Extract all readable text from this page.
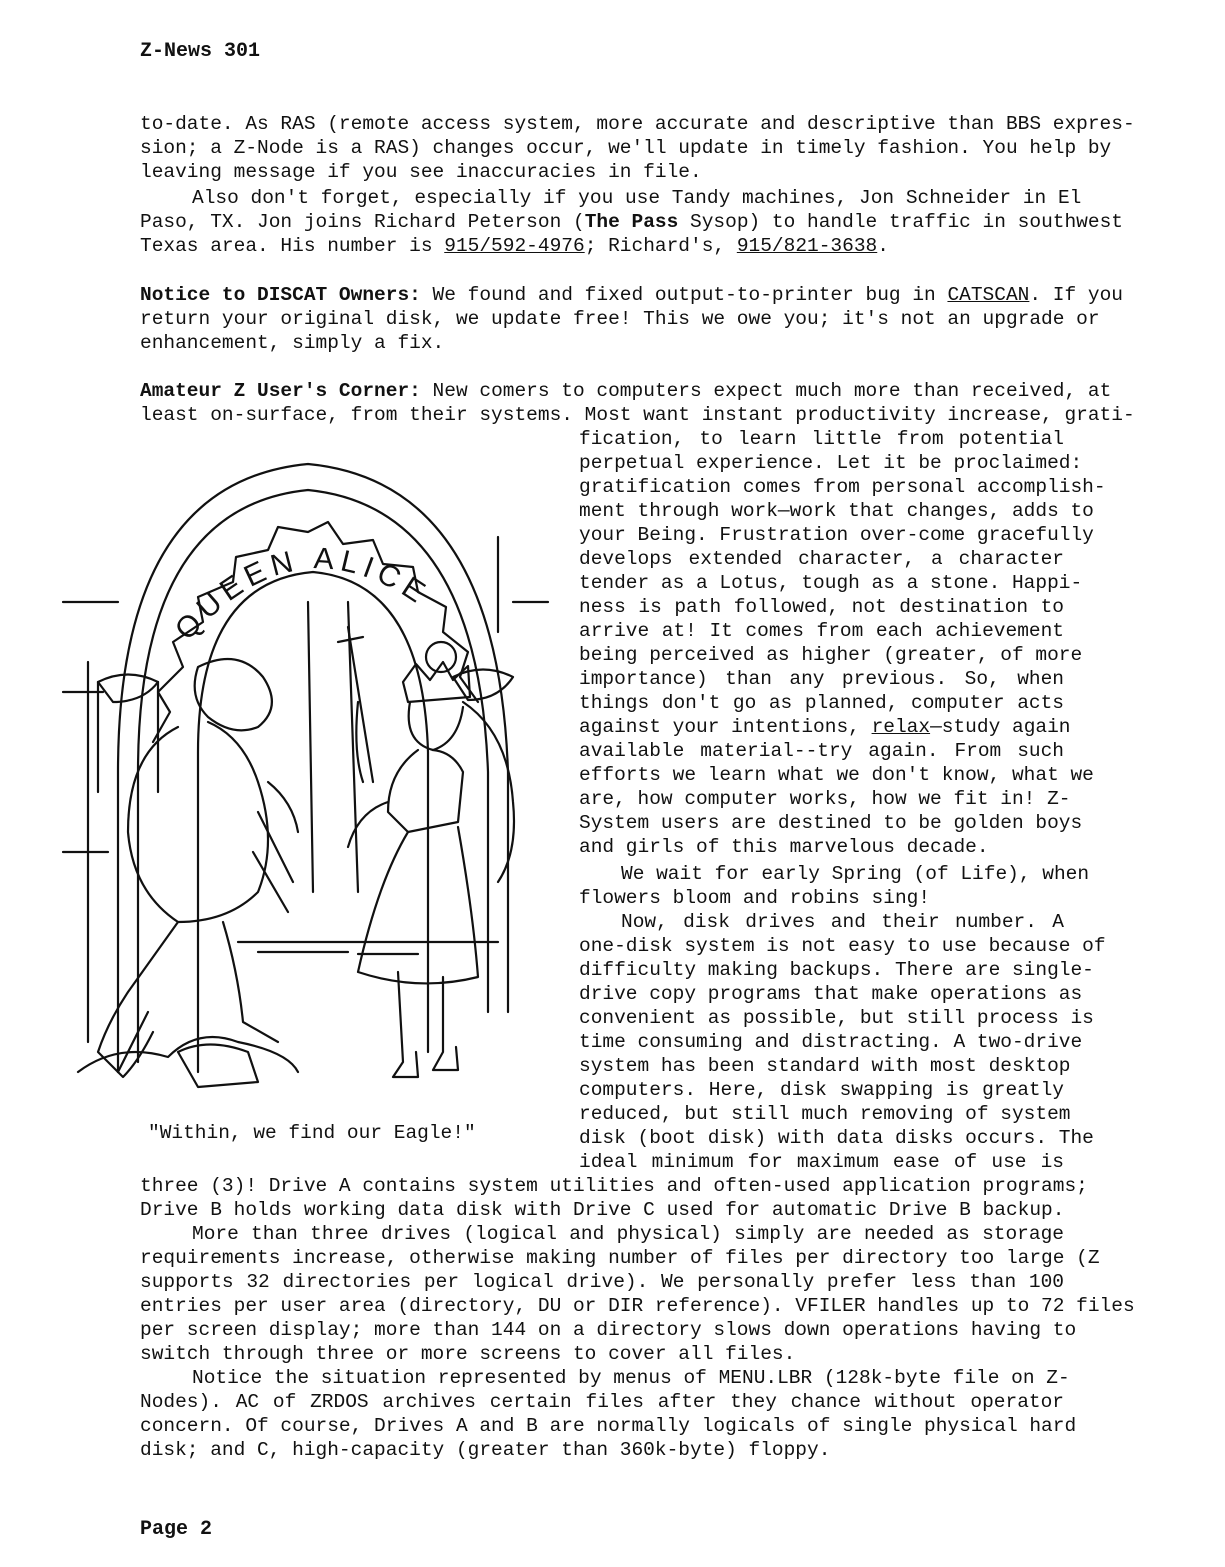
Z-News 301
to-date. As RAS (remote access system, more accurate and descriptive than BBS expres-
sion; a Z-Node is a RAS) changes occur, we'll update in timely fashion. You help by
leaving message if you see inaccuracies in file.
Also don't forget, especially if you use Tandy machines, Jon Schneider in El
Paso, TX. Jon joins Richard Peterson (The Pass Sysop) to handle traffic in southwest
Texas area. His number is 915/592-4976; Richard's, 915/821-3638.
Notice to DISCAT Owners: We found and fixed output-to-printer bug in CATSCAN. If you
return your original disk, we update free! This we owe you; it's not an upgrade or
enhancement, simply a fix.
Amateur Z User's Corner: New comers to computers expect much more than received, at
least on-surface, from their systems. Most want instant productivity increase, grati-
fication, to learn little from potential
perpetual experience. Let it be proclaimed:
gratification comes from personal accomplish-
ment through work—work that changes, adds to
your Being. Frustration over-come gracefully
develops extended character, a character
tender as a Lotus, tough as a stone. Happi-
ness is path followed, not destination to
arrive at! It comes from each achievement
being perceived as higher (greater, of more
importance) than any previous. So, when
things don't go as planned, computer acts
against your intentions, relax—study again
available material--try again. From such
efforts we learn what we don't know, what we
are, how computer works, how we fit in! Z-
System users are destined to be golden boys
and girls of this marvelous decade.
We wait for early Spring (of Life), when
flowers bloom and robins sing!
Now, disk drives and their number. A
one-disk system is not easy to use because of
difficulty making backups. There are single-
drive copy programs that make operations as
convenient as possible, but still process is
time consuming and distracting. A two-drive
system has been standard with most desktop
computers. Here, disk swapping is greatly
reduced, but still much removing of system
disk (boot disk) with data disks occurs. The
ideal minimum for maximum ease of use is
three (3)! Drive A contains system utilities and often-used application programs;
Drive B holds working data disk with Drive C used for automatic Drive B backup.
More than three drives (logical and physical) simply are needed as storage
requirements increase, otherwise making number of files per directory too large (Z
supports 32 directories per logical drive). We personally prefer less than 100
entries per user area (directory, DU or DIR reference). VFILER handles up to 72 files
per screen display; more than 144 on a directory slows down operations having to
switch through three or more screens to cover all files.
Notice the situation represented by menus of MENU.LBR (128k-byte file on Z-
Nodes). AC of ZRDOS archives certain files after they chance without operator
concern. Of course, Drives A and B are normally logicals of single physical hard
disk; and C, high-capacity (greater than 360k-byte) floppy.
QUEEN ALICE
"Within, we find our Eagle!"
Page 2
